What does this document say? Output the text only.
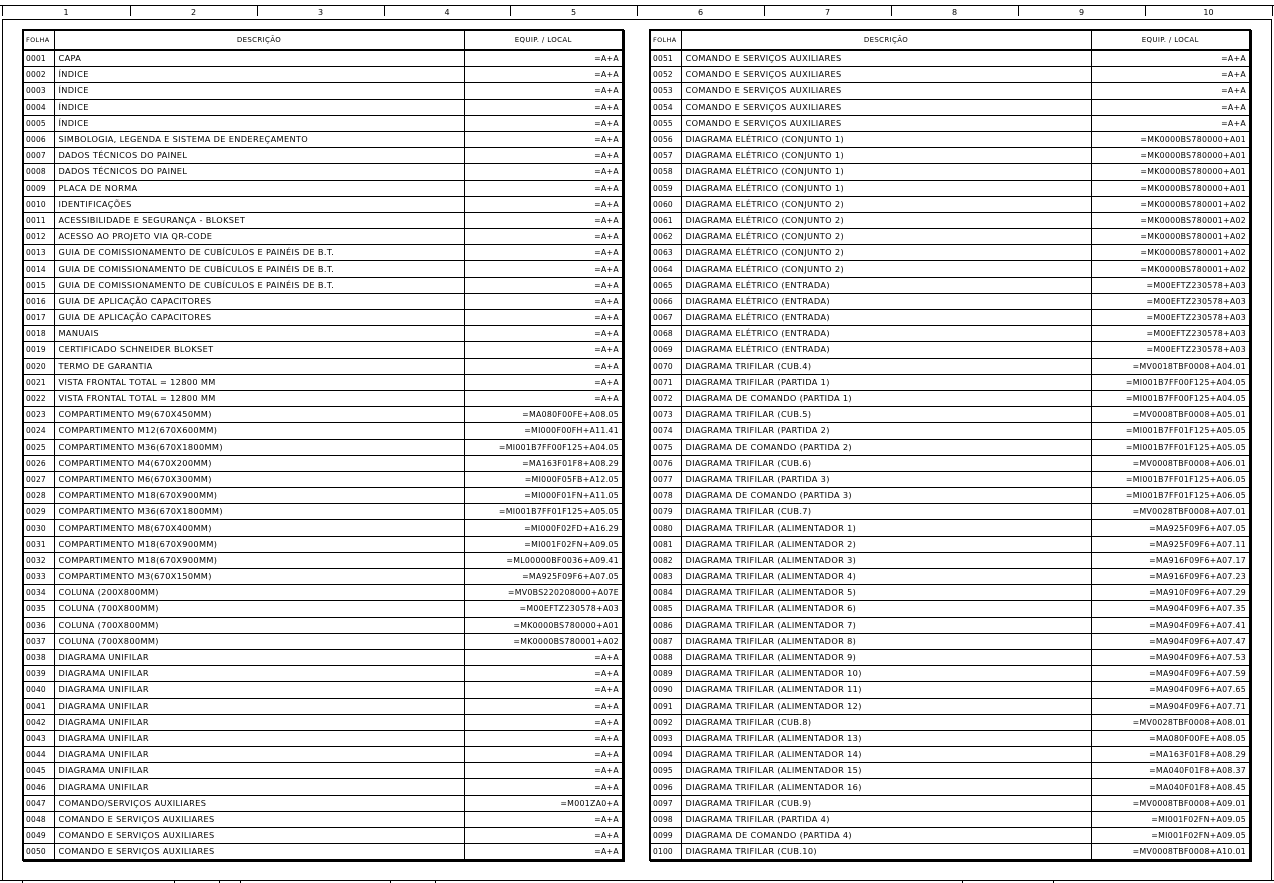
1	2	3	4	5	6	7	8	9	10
FOLHA	DESCRIÇÃO	EQUIP. / LOCAL
0001	CAPA	=A+A
0002	ÍNDICE	=A+A
0003	ÍNDICE	=A+A
0004	ÍNDICE	=A+A
0005	ÍNDICE	=A+A
0006	SIMBOLOGIA, LEGENDA E SISTEMA DE ENDEREÇAMENTO	=A+A
0007	DADOS TÉCNICOS DO PAINEL	=A+A
0008	DADOS TÉCNICOS DO PAINEL	=A+A
0009	PLACA DE NORMA	=A+A
0010	IDENTIFICAÇÕES	=A+A
0011	ACESSIBILIDADE E SEGURANÇA - BLOKSET	=A+A
0012	ACESSO AO PROJETO VIA QR-CODE	=A+A
0013	GUIA DE COMISSIONAMENTO DE CUBÍCULOS E PAINÉIS DE B.T.	=A+A
0014	GUIA DE COMISSIONAMENTO DE CUBÍCULOS E PAINÉIS DE B.T.	=A+A
0015	GUIA DE COMISSIONAMENTO DE CUBÍCULOS E PAINÉIS DE B.T.	=A+A
0016	GUIA DE APLICAÇÃO CAPACITORES	=A+A
0017	GUIA DE APLICAÇÃO CAPACITORES	=A+A
0018	MANUAIS	=A+A
0019	CERTIFICADO SCHNEIDER BLOKSET	=A+A
0020	TERMO DE GARANTIA	=A+A
0021	VISTA FRONTAL TOTAL = 12800 MM	=A+A
0022	VISTA FRONTAL TOTAL = 12800 MM	=A+A
0023	COMPARTIMENTO M9(670X450MM)	=MA080F00FE+A08.05
0024	COMPARTIMENTO M12(670X600MM)	=MI000F00FH+A11.41
0025	COMPARTIMENTO M36(670X1800MM)	=MI001B7FF00F125+A04.05
0026	COMPARTIMENTO M4(670X200MM)	=MA163F01F8+A08.29
0027	COMPARTIMENTO M6(670X300MM)	=MI000F05FB+A12.05
0028	COMPARTIMENTO M18(670X900MM)	=MI000F01FN+A11.05
0029	COMPARTIMENTO M36(670X1800MM)	=MI001B7FF01F125+A05.05
0030	COMPARTIMENTO M8(670X400MM)	=MI000F02FD+A16.29
0031	COMPARTIMENTO M18(670X900MM)	=MI001F02FN+A09.05
0032	COMPARTIMENTO M18(670X900MM)	=ML00000BF0036+A09.41
0033	COMPARTIMENTO M3(670X150MM)	=MA925F09F6+A07.05
0034	COLUNA (200X800MM)	=MV0BS220208000+A07E
0035	COLUNA (700X800MM)	=M00EFTZ230578+A03
0036	COLUNA (700X800MM)	=MK0000BS780000+A01
0037	COLUNA (700X800MM)	=MK0000BS780001+A02
0038	DIAGRAMA UNIFILAR	=A+A
0039	DIAGRAMA UNIFILAR	=A+A
0040	DIAGRAMA UNIFILAR	=A+A
0041	DIAGRAMA UNIFILAR	=A+A
0042	DIAGRAMA UNIFILAR	=A+A
0043	DIAGRAMA UNIFILAR	=A+A
0044	DIAGRAMA UNIFILAR	=A+A
0045	DIAGRAMA UNIFILAR	=A+A
0046	DIAGRAMA UNIFILAR	=A+A
0047	COMANDO/SERVIÇOS AUXILIARES	=M001ZA0+A
0048	COMANDO E SERVIÇOS AUXILIARES	=A+A
0049	COMANDO E SERVIÇOS AUXILIARES	=A+A
0050	COMANDO E SERVIÇOS AUXILIARES	=A+A
FOLHA	DESCRIÇÃO	EQUIP. / LOCAL
0051	COMANDO E SERVIÇOS AUXILIARES	=A+A
0052	COMANDO E SERVIÇOS AUXILIARES	=A+A
0053	COMANDO E SERVIÇOS AUXILIARES	=A+A
0054	COMANDO E SERVIÇOS AUXILIARES	=A+A
0055	COMANDO E SERVIÇOS AUXILIARES	=A+A
0056	DIAGRAMA ELÉTRICO (CONJUNTO 1)	=MK0000BS780000+A01
0057	DIAGRAMA ELÉTRICO (CONJUNTO 1)	=MK0000BS780000+A01
0058	DIAGRAMA ELÉTRICO (CONJUNTO 1)	=MK0000BS780000+A01
0059	DIAGRAMA ELÉTRICO (CONJUNTO 1)	=MK0000BS780000+A01
0060	DIAGRAMA ELÉTRICO (CONJUNTO 2)	=MK0000BS780001+A02
0061	DIAGRAMA ELÉTRICO (CONJUNTO 2)	=MK0000BS780001+A02
0062	DIAGRAMA ELÉTRICO (CONJUNTO 2)	=MK0000BS780001+A02
0063	DIAGRAMA ELÉTRICO (CONJUNTO 2)	=MK0000BS780001+A02
0064	DIAGRAMA ELÉTRICO (CONJUNTO 2)	=MK0000BS780001+A02
0065	DIAGRAMA ELÉTRICO (ENTRADA)	=M00EFTZ230578+A03
0066	DIAGRAMA ELÉTRICO (ENTRADA)	=M00EFTZ230578+A03
0067	DIAGRAMA ELÉTRICO (ENTRADA)	=M00EFTZ230578+A03
0068	DIAGRAMA ELÉTRICO (ENTRADA)	=M00EFTZ230578+A03
0069	DIAGRAMA ELÉTRICO (ENTRADA)	=M00EFTZ230578+A03
0070	DIAGRAMA TRIFILAR (CUB.4)	=MV0018TBF0008+A04.01
0071	DIAGRAMA TRIFILAR (PARTIDA 1)	=MI001B7FF00F125+A04.05
0072	DIAGRAMA DE COMANDO (PARTIDA 1)	=MI001B7FF00F125+A04.05
0073	DIAGRAMA TRIFILAR (CUB.5)	=MV0008TBF0008+A05.01
0074	DIAGRAMA TRIFILAR (PARTIDA 2)	=MI001B7FF01F125+A05.05
0075	DIAGRAMA DE COMANDO (PARTIDA 2)	=MI001B7FF01F125+A05.05
0076	DIAGRAMA TRIFILAR (CUB.6)	=MV0008TBF0008+A06.01
0077	DIAGRAMA TRIFILAR (PARTIDA 3)	=MI001B7FF01F125+A06.05
0078	DIAGRAMA DE COMANDO (PARTIDA 3)	=MI001B7FF01F125+A06.05
0079	DIAGRAMA TRIFILAR (CUB.7)	=MV0028TBF0008+A07.01
0080	DIAGRAMA TRIFILAR (ALIMENTADOR 1)	=MA925F09F6+A07.05
0081	DIAGRAMA TRIFILAR (ALIMENTADOR 2)	=MA925F09F6+A07.11
0082	DIAGRAMA TRIFILAR (ALIMENTADOR 3)	=MA916F09F6+A07.17
0083	DIAGRAMA TRIFILAR (ALIMENTADOR 4)	=MA916F09F6+A07.23
0084	DIAGRAMA TRIFILAR (ALIMENTADOR 5)	=MA910F09F6+A07.29
0085	DIAGRAMA TRIFILAR (ALIMENTADOR 6)	=MA904F09F6+A07.35
0086	DIAGRAMA TRIFILAR (ALIMENTADOR 7)	=MA904F09F6+A07.41
0087	DIAGRAMA TRIFILAR (ALIMENTADOR 8)	=MA904F09F6+A07.47
0088	DIAGRAMA TRIFILAR (ALIMENTADOR 9)	=MA904F09F6+A07.53
0089	DIAGRAMA TRIFILAR (ALIMENTADOR 10)	=MA904F09F6+A07.59
0090	DIAGRAMA TRIFILAR (ALIMENTADOR 11)	=MA904F09F6+A07.65
0091	DIAGRAMA TRIFILAR (ALIMENTADOR 12)	=MA904F09F6+A07.71
0092	DIAGRAMA TRIFILAR (CUB.8)	=MV0028TBF0008+A08.01
0093	DIAGRAMA TRIFILAR (ALIMENTADOR 13)	=MA080F00FE+A08.05
0094	DIAGRAMA TRIFILAR (ALIMENTADOR 14)	=MA163F01F8+A08.29
0095	DIAGRAMA TRIFILAR (ALIMENTADOR 15)	=MA040F01F8+A08.37
0096	DIAGRAMA TRIFILAR (ALIMENTADOR 16)	=MA040F01F8+A08.45
0097	DIAGRAMA TRIFILAR (CUB.9)	=MV0008TBF0008+A09.01
0098	DIAGRAMA TRIFILAR (PARTIDA 4)	=MI001F02FN+A09.05
0099	DIAGRAMA DE COMANDO (PARTIDA 4)	=MI001F02FN+A09.05
0100	DIAGRAMA TRIFILAR (CUB.10)	=MV0008TBF0008+A10.01
